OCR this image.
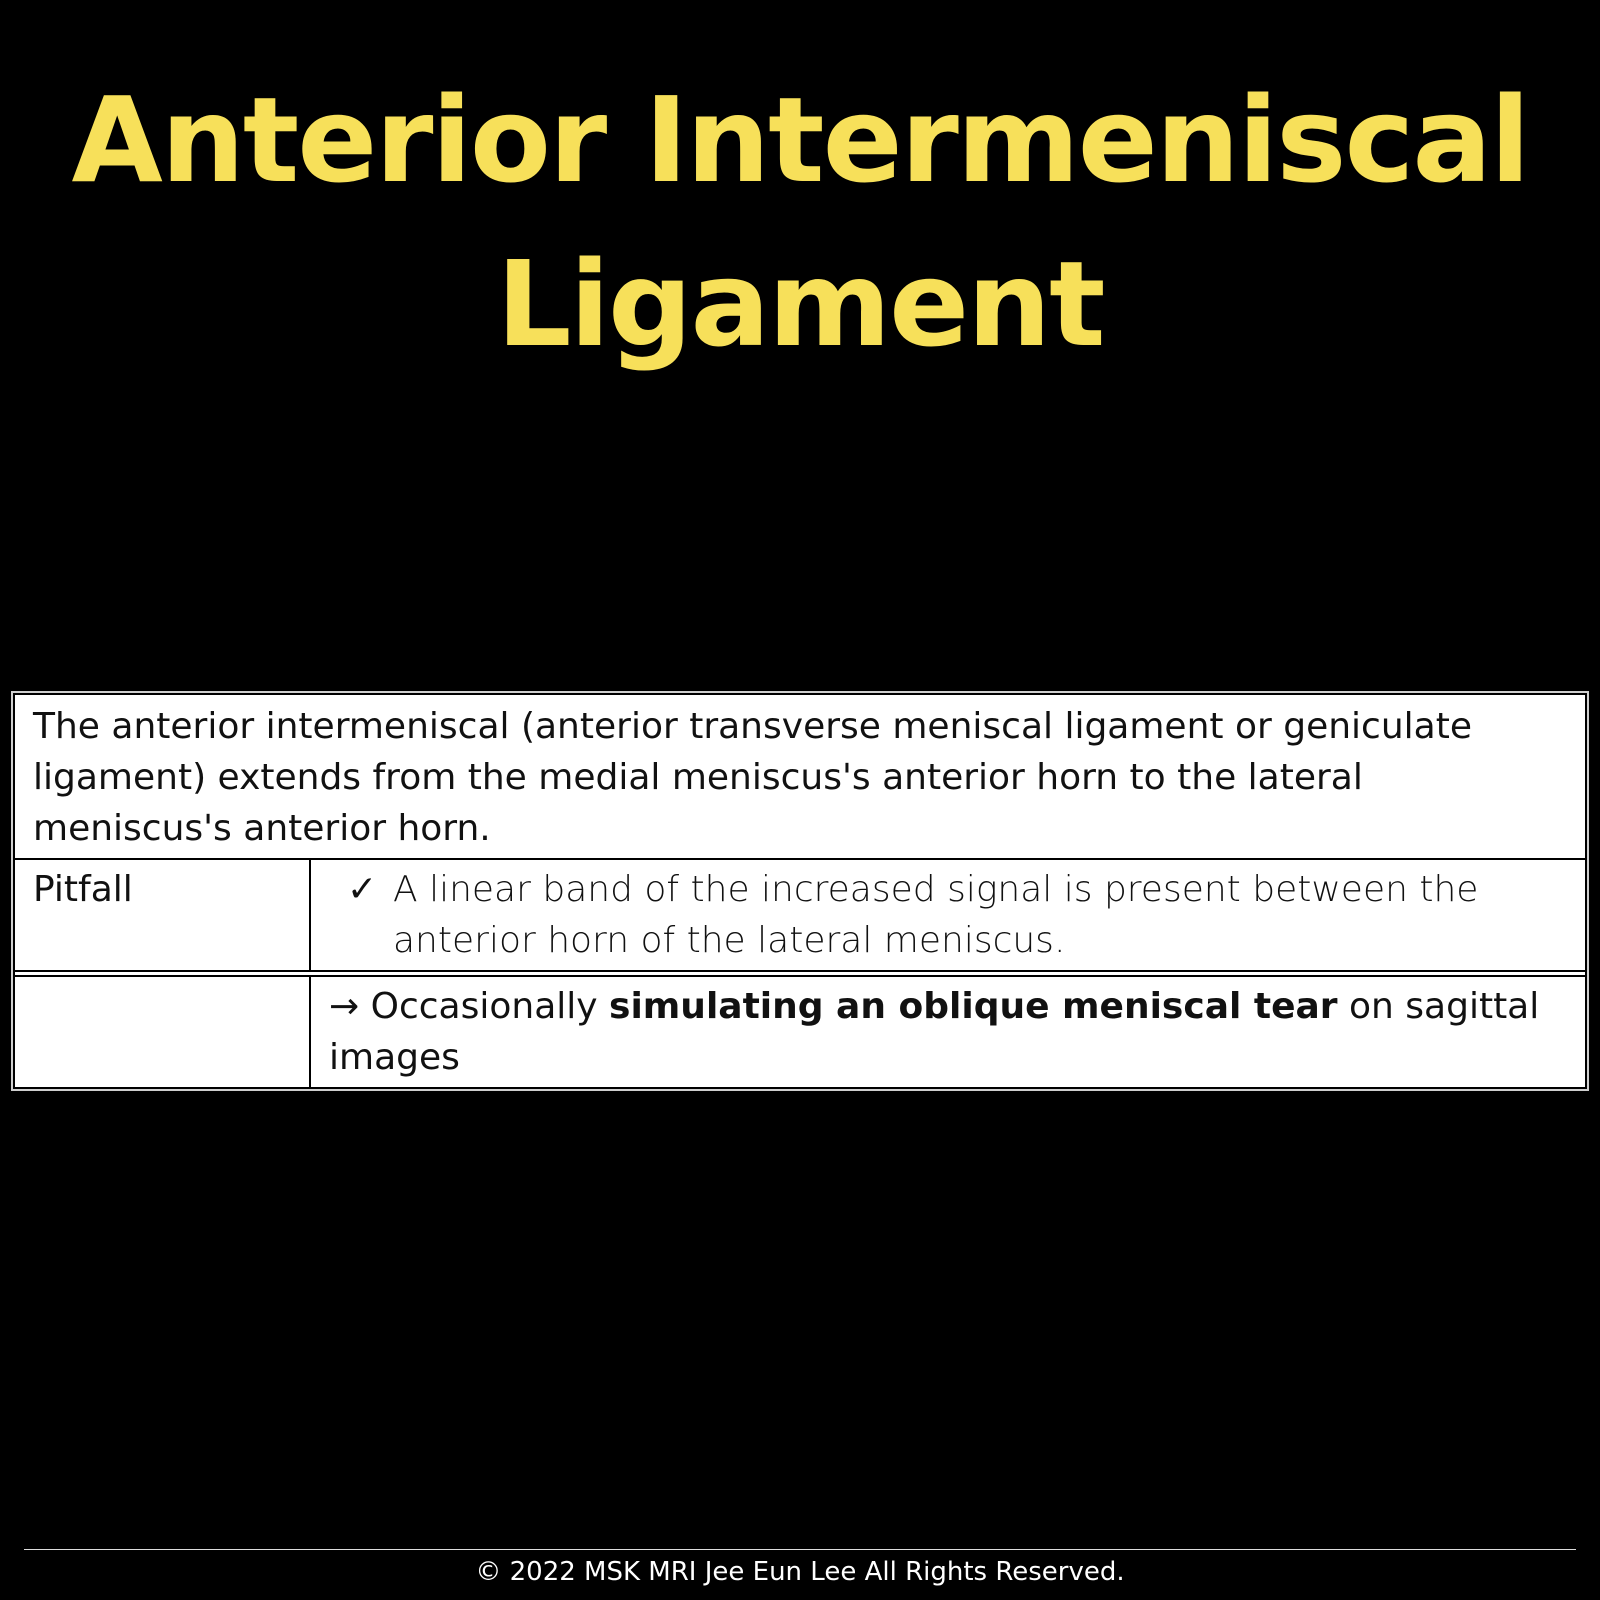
Anterior Intermeniscal
Ligament
The anterior intermeniscal (anterior transverse meniscal ligament or geniculate ligament) extends from the medial meniscus's anterior horn to the lateral meniscus's anterior horn.	
Pitfall	✓ A linear band of the increased signal is present between the anterior horn of the lateral meniscus.

	→ Occasionally simulating an oblique meniscal tear on sagittal images
© 2022 MSK MRI Jee Eun Lee All Rights Reserved.
